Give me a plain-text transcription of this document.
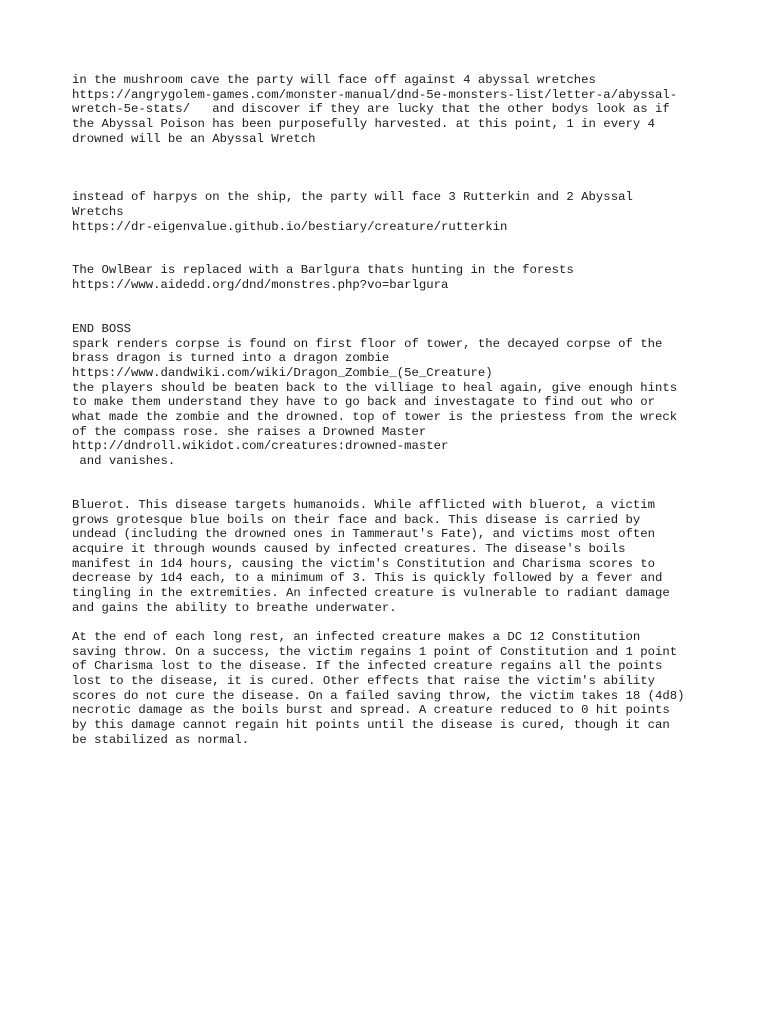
in the mushroom cave the party will face off against 4 abyssal wretches

https://angrygolem-games.com/monster-manual/dnd-5e-monsters-list/letter-a/abyssal-

wretch-5e-stats/   and discover if they are lucky that the other bodys look as if

the Abyssal Poison has been purposefully harvested. at this point, 1 in every 4

drowned will be an Abyssal Wretch

instead of harpys on the ship, the party will face 3 Rutterkin and 2 Abyssal

Wretchs

https://dr-eigenvalue.github.io/bestiary/creature/rutterkin

The OwlBear is replaced with a Barlgura thats hunting in the forests

https://www.aidedd.org/dnd/monstres.php?vo=barlgura

END BOSS

spark renders corpse is found on first floor of tower, the decayed corpse of the

brass dragon is turned into a dragon zombie

https://www.dandwiki.com/wiki/Dragon_Zombie_(5e_Creature)

the players should be beaten back to the villiage to heal again, give enough hints

to make them understand they have to go back and investagate to find out who or

what made the zombie and the drowned. top of tower is the priestess from the wreck

of the compass rose. she raises a Drowned Master

http://dndroll.wikidot.com/creatures:drowned-master

and vanishes.

Bluerot. This disease targets humanoids. While afflicted with bluerot, a victim

grows grotesque blue boils on their face and back. This disease is carried by

undead (including the drowned ones in Tammeraut's Fate), and victims most often

acquire it through wounds caused by infected creatures. The disease's boils

manifest in 1d4 hours, causing the victim's Constitution and Charisma scores to

decrease by 1d4 each, to a minimum of 3. This is quickly followed by a fever and

tingling in the extremities. An infected creature is vulnerable to radiant damage

and gains the ability to breathe underwater.

At the end of each long rest, an infected creature makes a DC 12 Constitution

saving throw. On a success, the victim regains 1 point of Constitution and 1 point

of Charisma lost to the disease. If the infected creature regains all the points

lost to the disease, it is cured. Other effects that raise the victim's ability

scores do not cure the disease. On a failed saving throw, the victim takes 18 (4d8)

necrotic damage as the boils burst and spread. A creature reduced to 0 hit points

by this damage cannot regain hit points until the disease is cured, though it can

be stabilized as normal.
